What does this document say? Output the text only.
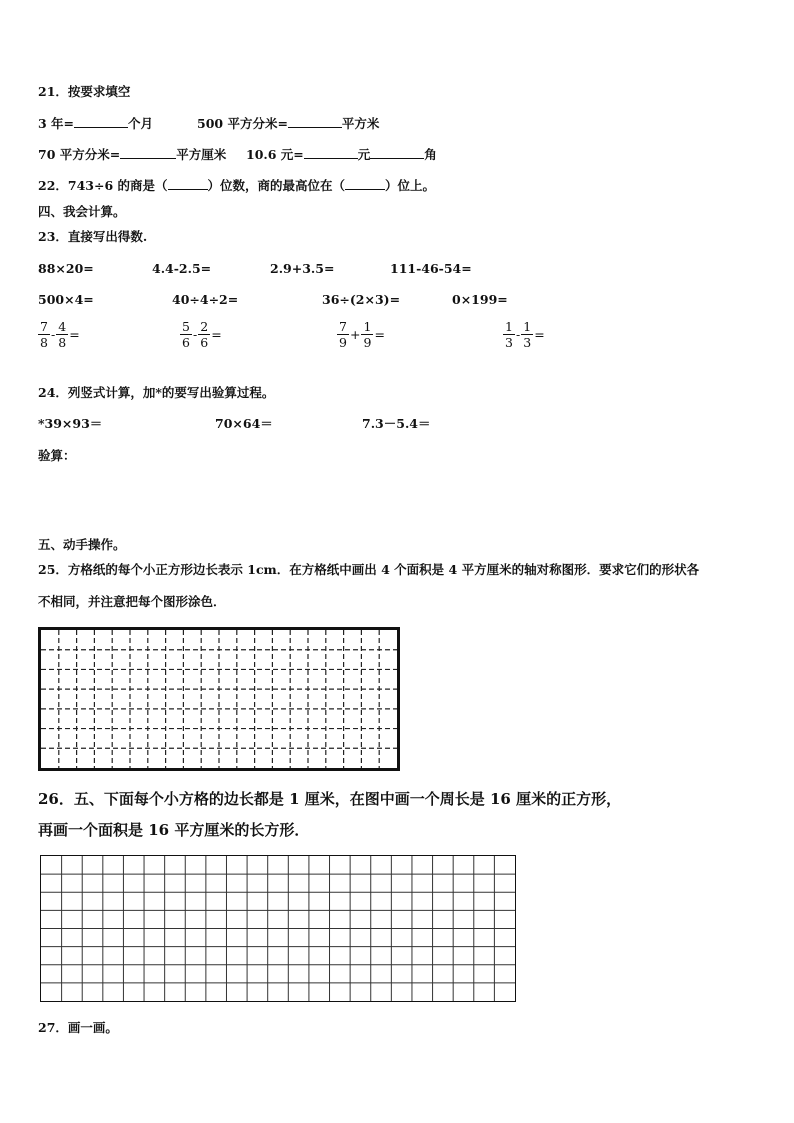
21．按要求填空
3 年=	个月	500 平方分米=	平方米
70 平方分米=	平方厘米 10.6 元=	元	角
22．743÷6 的商是（	）位数，商的最高位在（	）位上。
四、我会计算。
23．直接写出得数.
88×20=	4.4-2.5=	2.9+3.5=	111-46-54=
500×4=	40÷4÷2=	36÷(2×3)=	0×199=
$\frac{7}{8} - \frac{4}{8}$ =	$\frac{5}{6} - \frac{2}{6}$ =	$\frac{7}{9} + \frac{1}{9}$ =	$\frac{1}{3} - \frac{1}{3}$ =
24．列竖式计算，加*的要写出验算过程。
*39×93＝	70×64＝	7.3－5.4＝
验算：
五、动手操作。
25．方格纸的每个小正方形边长表示 1cm．在方格纸中画出 4 个面积是 4 平方厘米的轴对称图形．要求它们的形状各
不相同，并注意把每个图形涂色．
26．五、下面每个小方格的边长都是 1 厘米，在图中画一个周长是 16 厘米的正方形，
再画一个面积是 16 平方厘米的长方形．
27．画一画。
